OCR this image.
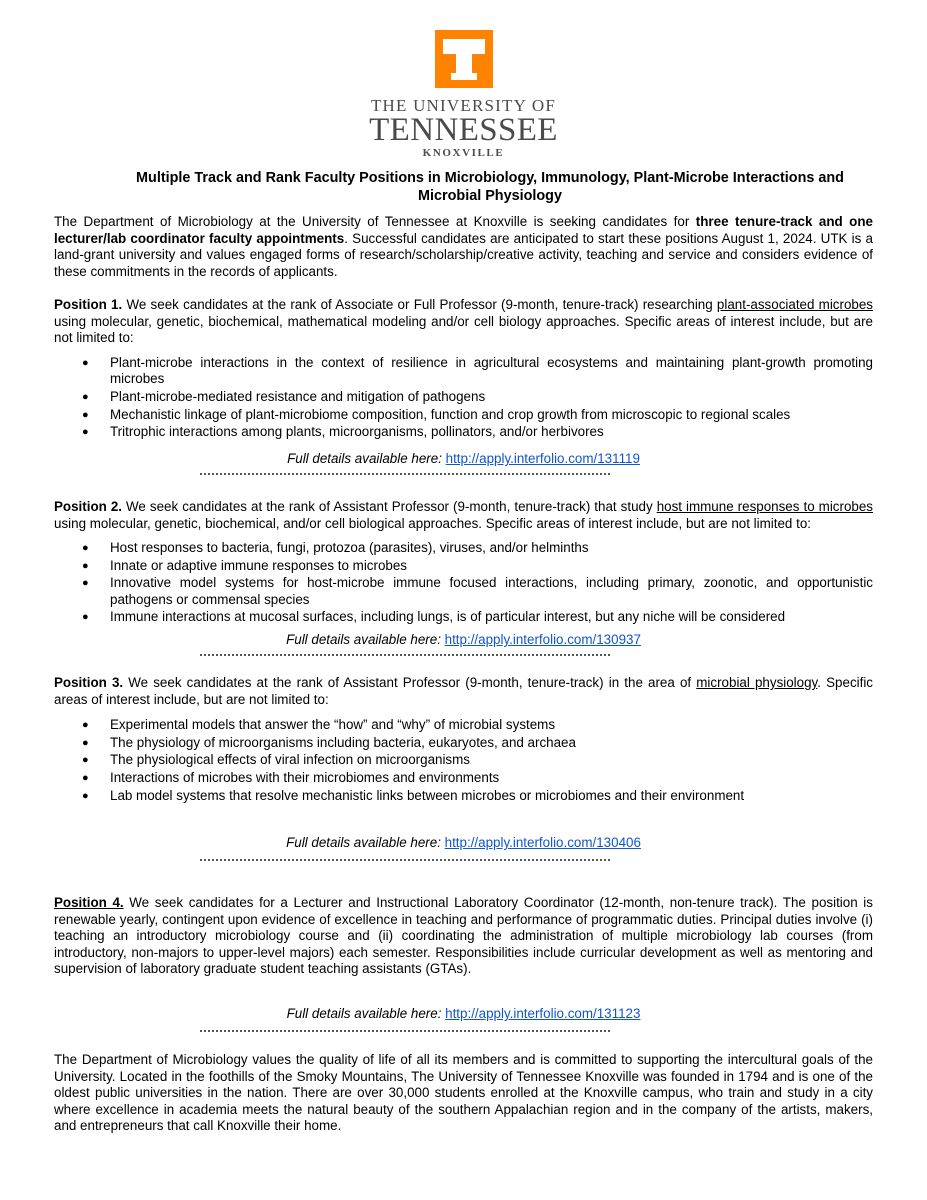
THE UNIVERSITY OF
TENNESSEE
KNOXVILLE
Multiple Track and Rank Faculty Positions in Microbiology, Immunology, Plant-Microbe Interactions and Microbial Physiology

The Department of Microbiology at the University of Tennessee at Knoxville is seeking candidates for three tenure-track and one lecturer/lab coordinator faculty appointments. Successful candidates are anticipated to start these positions August 1, 2024. UTK is a land-grant university and values engaged forms of research/scholarship/creative activity, teaching and service and considers evidence of these commitments in the records of applicants.

Position 1. We seek candidates at the rank of Associate or Full Professor (9-month, tenure-track) researching plant-associated microbes using molecular, genetic, biochemical, mathematical modeling and/or cell biology approaches. Specific areas of interest include, but are not limited to:

● Plant-microbe interactions in the context of resilience in agricultural ecosystems and maintaining plant-growth promoting microbes
● Plant-microbe-mediated resistance and mitigation of pathogens
● Mechanistic linkage of plant-microbiome composition, function and crop growth from microscopic to regional scales
● Tritrophic interactions among plants, microorganisms, pollinators, and/or herbivores
Full details available here: http://apply.interfolio.com/131119

Position 2. We seek candidates at the rank of Assistant Professor (9-month, tenure-track) that study host immune responses to microbes using molecular, genetic, biochemical, and/or cell biological approaches. Specific areas of interest include, but are not limited to:

● Host responses to bacteria, fungi, protozoa (parasites), viruses, and/or helminths
● Innate or adaptive immune responses to microbes
● Innovative model systems for host-microbe immune focused interactions, including primary, zoonotic, and opportunistic pathogens or commensal species
● Immune interactions at mucosal surfaces, including lungs, is of particular interest, but any niche will be considered
Full details available here: http://apply.interfolio.com/130937

Position 3. We seek candidates at the rank of Assistant Professor (9-month, tenure-track) in the area of microbial physiology. Specific areas of interest include, but are not limited to:

● Experimental models that answer the “how” and “why” of microbial systems
● The physiology of microorganisms including bacteria, eukaryotes, and archaea
● The physiological effects of viral infection on microorganisms
● Interactions of microbes with their microbiomes and environments
● Lab model systems that resolve mechanistic links between microbes or microbiomes and their environment
Full details available here: http://apply.interfolio.com/130406

Position 4. We seek candidates for a Lecturer and Instructional Laboratory Coordinator (12-month, non-tenure track). The position is renewable yearly, contingent upon evidence of excellence in teaching and performance of programmatic duties. Principal duties involve (i) teaching an introductory microbiology course and (ii) coordinating the administration of multiple microbiology lab courses (from introductory, non-majors to upper-level majors) each semester. Responsibilities include curricular development as well as mentoring and supervision of laboratory graduate student teaching assistants (GTAs).

Full details available here: http://apply.interfolio.com/131123
The Department of Microbiology values the quality of life of all its members and is committed to supporting the intercultural goals of the University. Located in the foothills of the Smoky Mountains, The University of Tennessee Knoxville was founded in 1794 and is one of the oldest public universities in the nation. There are over 30,000 students enrolled at the Knoxville campus, who train and study in a city where excellence in academia meets the natural beauty of the southern Appalachian region and in the company of the artists, makers, and entrepreneurs that call Knoxville their home.
